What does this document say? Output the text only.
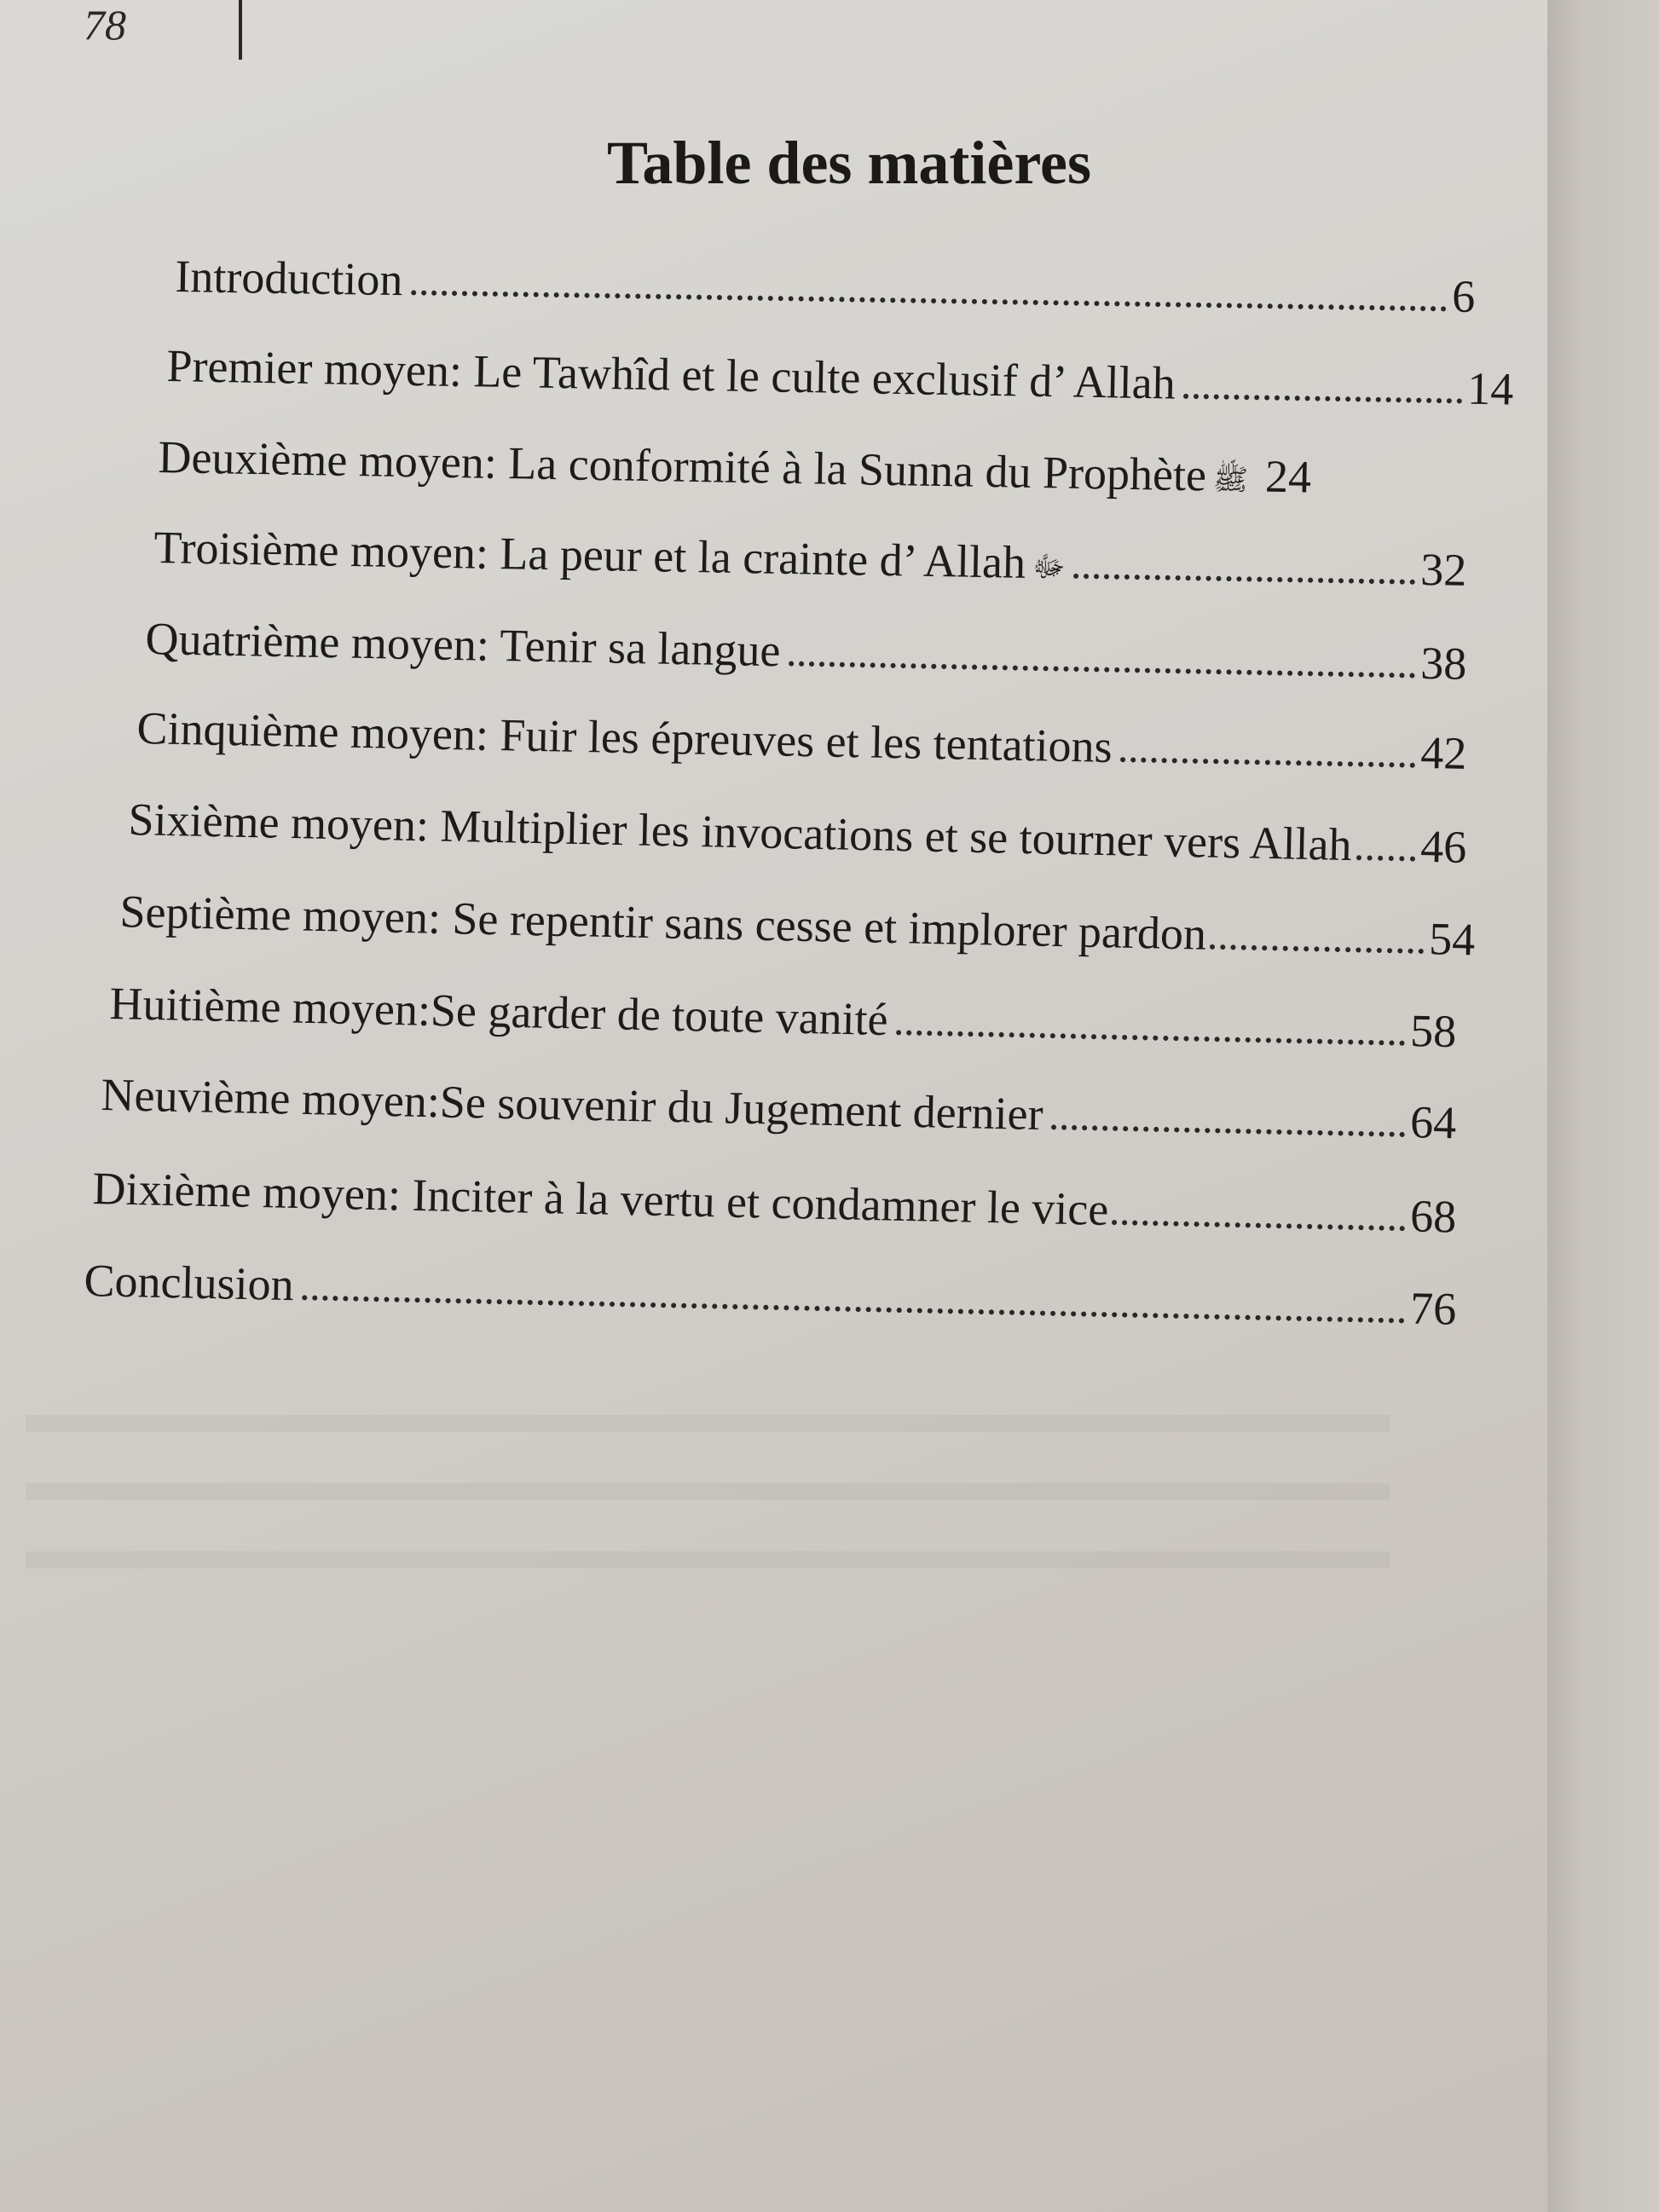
78
Table des matières
Introduction	6
Premier moyen: Le Tawhîd et le culte exclusif d’ Allah	14
Deuxième moyen: La conformité à la Sunna du Prophète ﷺ 24
Troisième moyen: La peur et la crainte d’ Allah ﷻ	32
Quatrième moyen: Tenir sa langue	38
Cinquième moyen: Fuir les épreuves et les tentations	42
Sixième moyen: Multiplier les invocations et se tourner vers Allah 46
Septième moyen: Se repentir sans cesse et implorer pardon	54
Huitième moyen:Se garder de toute vanité	58
Neuvième moyen:Se souvenir du Jugement dernier	64
Dixième moyen: Inciter à la vertu et condamner le vice	68
Conclusion	76
